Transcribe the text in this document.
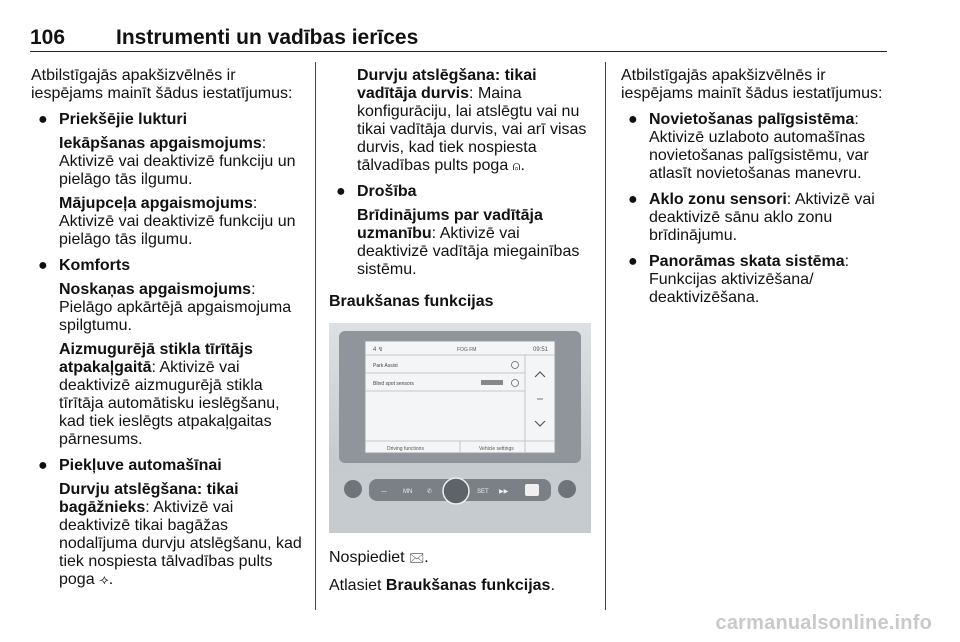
106 Instrumenti un vadības ierīces

Atbilstīgajās apakšizvēlnēs ir iespējams mainīt šādus iestatījumus:

● Priekšējie lukturi

Iekāpšanas apgaismojums:
Aktivizē vai deaktivizē funkciju un pielāgo tās ilgumu.

Mājupceļa apgaismojums:
Aktivizē vai deaktivizē funkciju un pielāgo tās ilgumu.

● Komforts

Noskaņas apgaismojums:
Pielāgo apkārtējā apgaismojuma spilgtumu.

Aizmugurējā stikla tīrītājs atpakaļgaitā: Aktivizē vai deaktivizē aizmugurējā stikla tīrītāja automātisku ieslēgšanu, kad tiek ieslēgts atpakaļgaitas pārnesums.

● Piekļuve automašīnai

Durvju atslēgšana: tikai bagāžnieks: Aktivizē vai deaktivizē tikai bagāžas nodalījuma durvju atslēgšanu, kad tiek nospiesta tālvadības pults poga ⟢.

Durvju atslēgšana: tikai vadītāja durvis: Maina konfigurāciju, lai atslēgtu vai nu tikai vadītāja durvis, vai arī visas durvis, kad tiek nospiesta tālvadības pults poga ⍝.

● Drošība

Brīdinājums par vadītāja uzmanību: Aktivizē vai deaktivizē vadītāja miegainības sistēmu.

Braukšanas funkcijas

4 ↯	FOG FM	09:51
Park Assist
Blind spot sensors
Driving functions	Vehicle settings
—	MN ✆	SET ▶▶

Nospiediet 🖂.

Atlasiet Braukšanas funkcijas.

Atbilstīgajās apakšizvēlnēs ir iespējams mainīt šādus iestatījumus:

● Novietošanas palīgsistēma:
Aktivizē uzlaboto automašīnas novietošanas palīgsistēmu, var atlasīt novietošanas manevru.

● Aklo zonu sensori: Aktivizē vai deaktivizē sānu aklo zonu brīdinājumu.

● Panorāmas skata sistēma:
Funkcijas aktivizēšana/ deaktivizēšana.

carmanualsonline.info
